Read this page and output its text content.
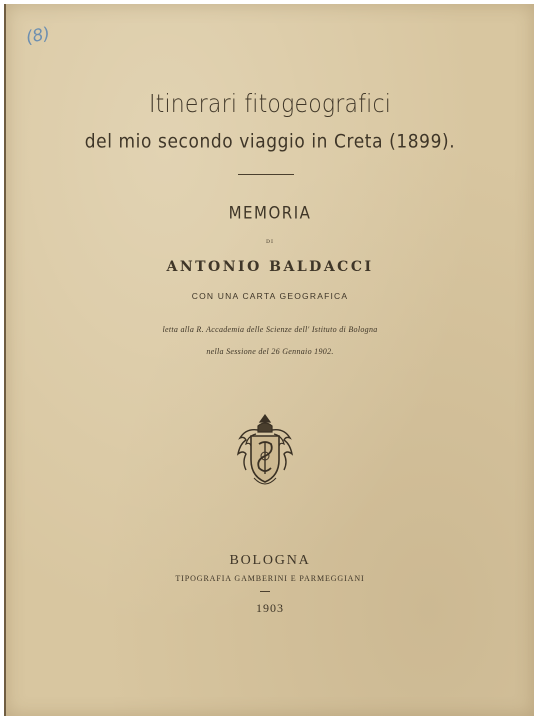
(8)
Itinerari fitogeografici
del mio secondo viaggio in Creta (1899).
MEMORIA
DI
ANTONIO BALDACCI
CON UNA CARTA GEOGRAFICA
letta alla R. Accademia delle Scienze dell' Istituto di Bologna
nella Sessione del 26 Gennaio 1902.
BOLOGNA
TIPOGRAFIA GAMBERINI E PARMEGGIANI
1903
